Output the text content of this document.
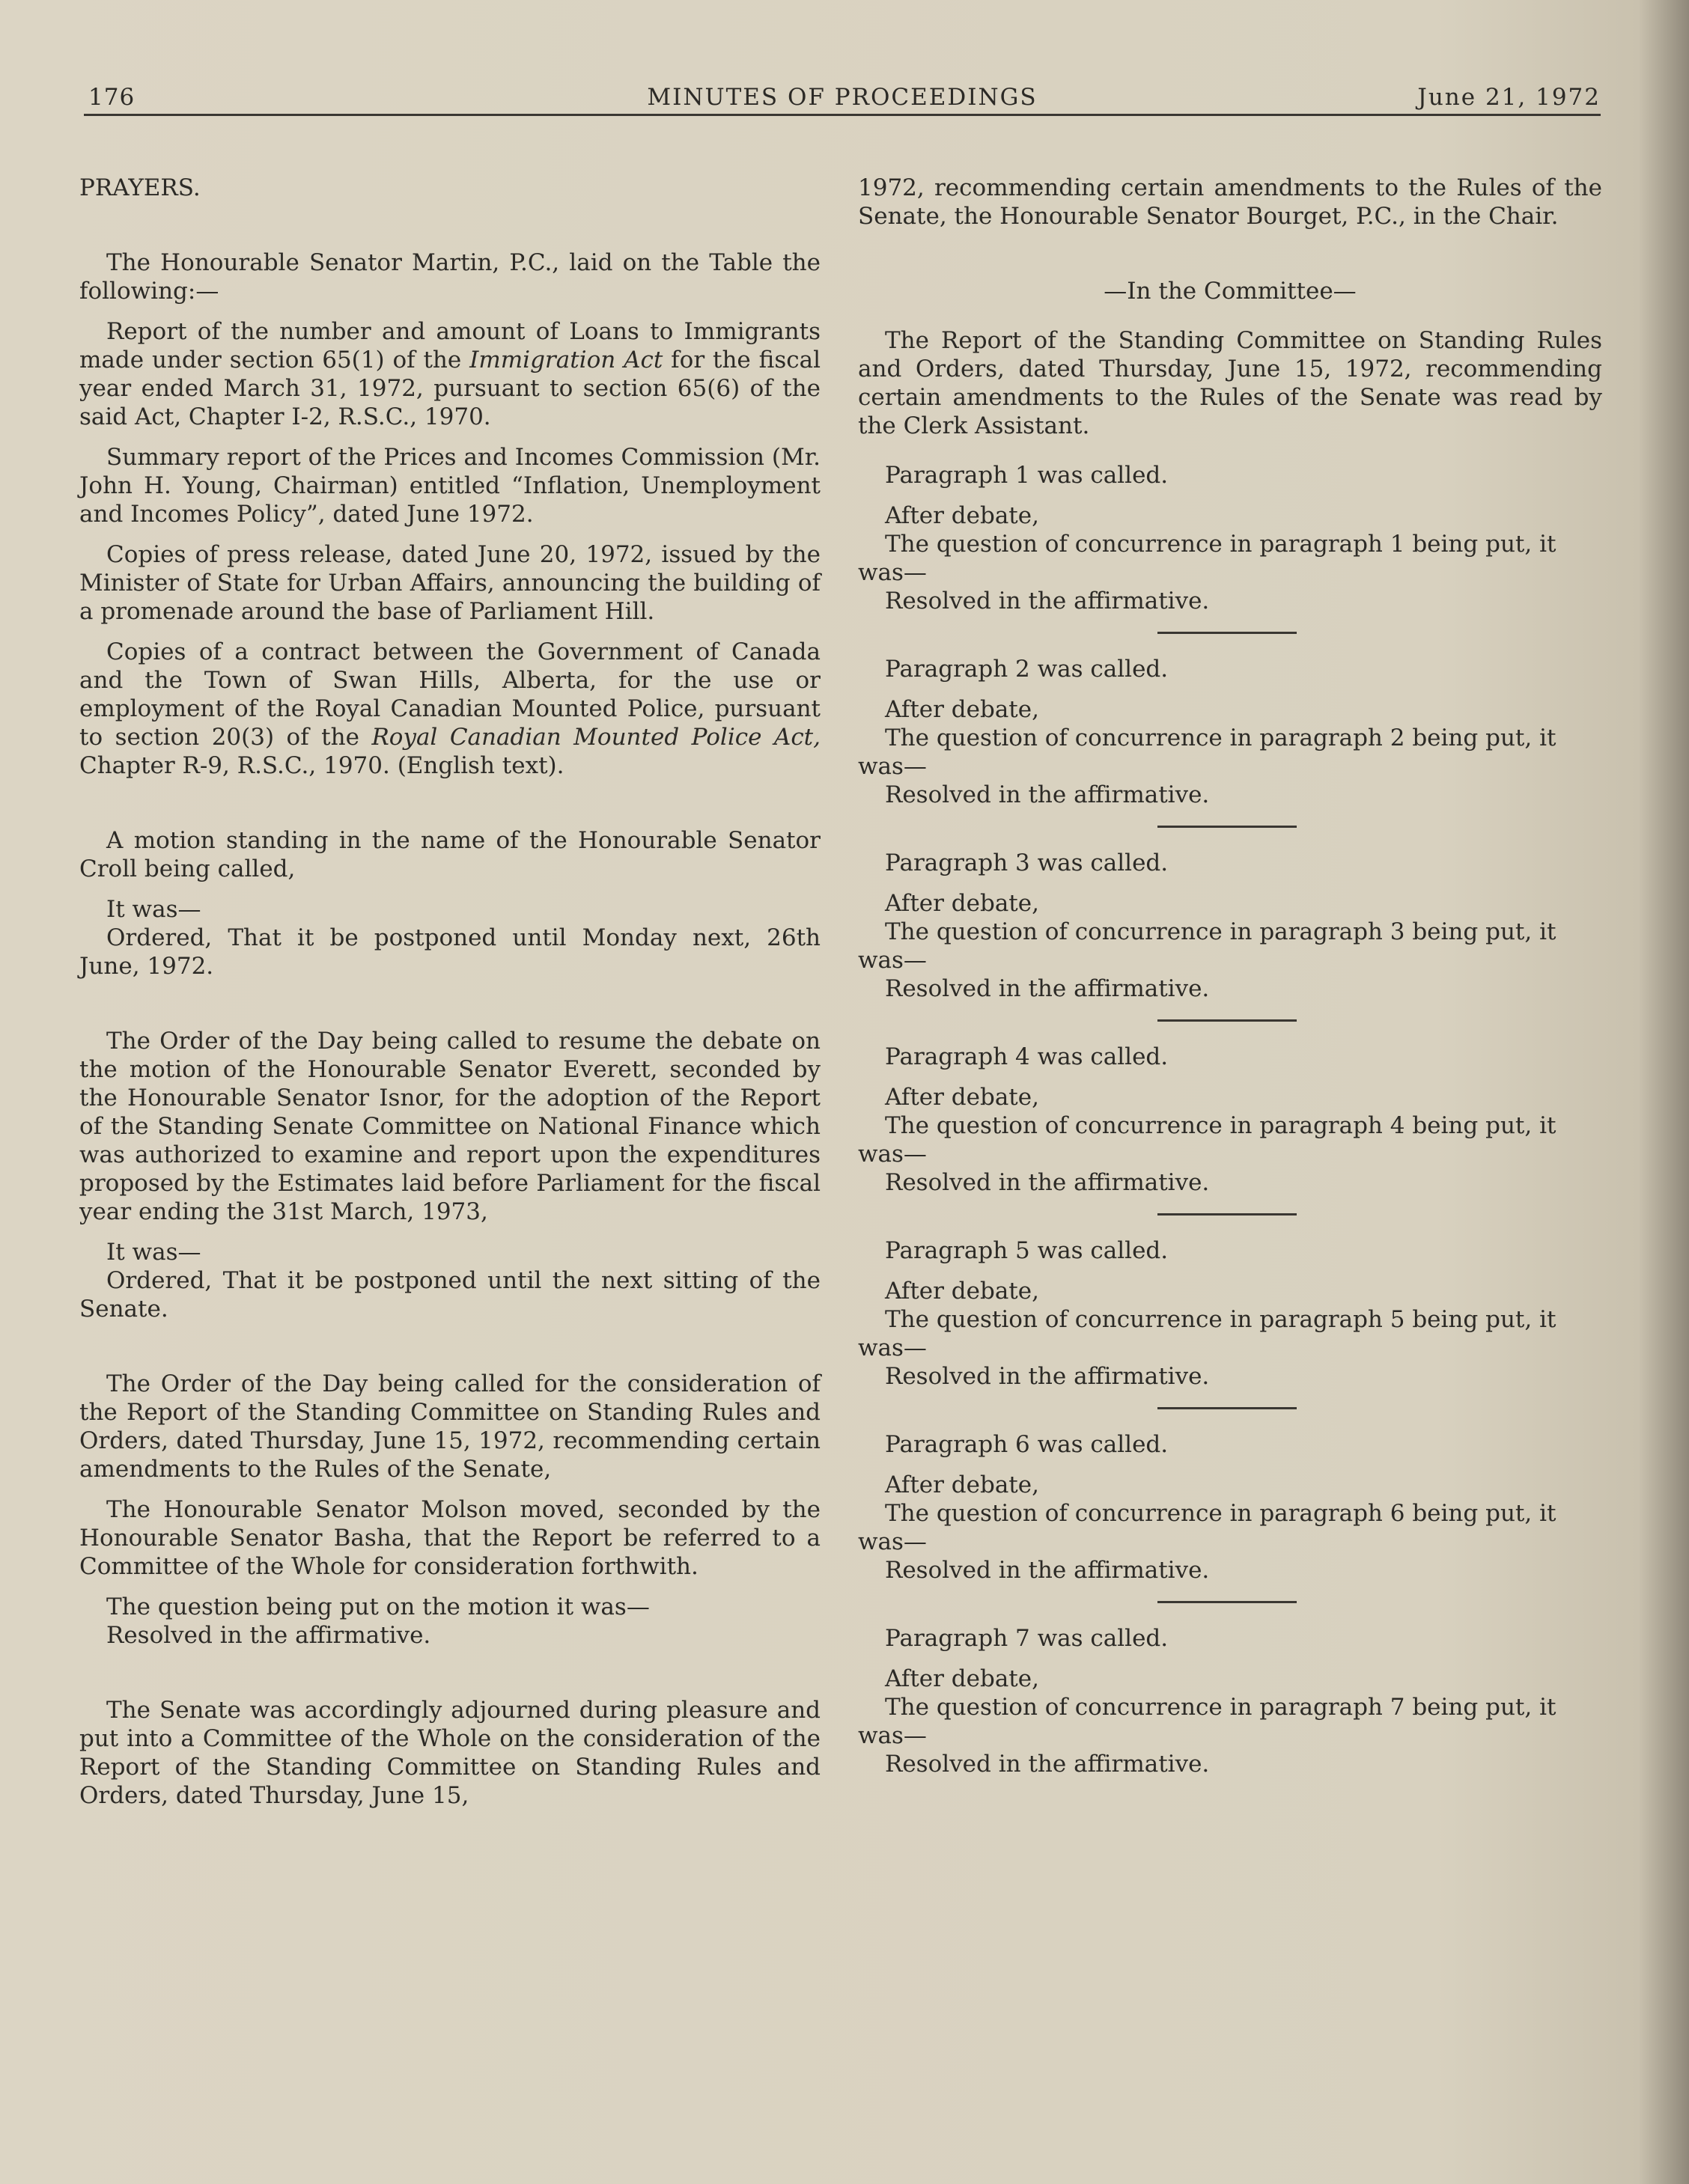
176	MINUTES OF PROCEEDINGS	June 21, 1972

PRAYERS.

The Honourable Senator Martin, P.C., laid on the Table the following:—

Report of the number and amount of Loans to Immigrants made under section 65(1) of the Immigration Act for the fiscal year ended March 31, 1972, pursuant to section 65(6) of the said Act, Chapter I-2, R.S.C., 1970.

Summary report of the Prices and Incomes Commission (Mr. John H. Young, Chairman) entitled “Inflation, Unemployment and Incomes Policy”, dated June 1972.

Copies of press release, dated June 20, 1972, issued by the Minister of State for Urban Affairs, announcing the building of a promenade around the base of Parliament Hill.

Copies of a contract between the Government of Canada and the Town of Swan Hills, Alberta, for the use or employment of the Royal Canadian Mounted Police, pursuant to section 20(3) of the Royal Canadian Mounted Police Act, Chapter R-9, R.S.C., 1970. (English text).

A motion standing in the name of the Honourable Senator Croll being called,

It was—

Ordered, That it be postponed until Monday next, 26th June, 1972.

The Order of the Day being called to resume the debate on the motion of the Honourable Senator Everett, seconded by the Honourable Senator Isnor, for the adoption of the Report of the Standing Senate Committee on National Finance which was authorized to examine and report upon the expenditures proposed by the Estimates laid before Parliament for the fiscal year ending the 31st March, 1973,

It was—

Ordered, That it be postponed until the next sitting of the Senate.

The Order of the Day being called for the consideration of the Report of the Standing Committee on Standing Rules and Orders, dated Thursday, June 15, 1972, recommending certain amendments to the Rules of the Senate,

The Honourable Senator Molson moved, seconded by the Honourable Senator Basha, that the Report be referred to a Committee of the Whole for consideration forthwith.

The question being put on the motion it was—

Resolved in the affirmative.

The Senate was accordingly adjourned during pleasure and put into a Committee of the Whole on the consideration of the Report of the Standing Committee on Standing Rules and Orders, dated Thursday, June 15,

1972, recommending certain amendments to the Rules of the Senate, the Honourable Senator Bourget, P.C., in the Chair.

—In the Committee—

The Report of the Standing Committee on Standing Rules and Orders, dated Thursday, June 15, 1972, recommending certain amendments to the Rules of the Senate was read by the Clerk Assistant.

Paragraph 1 was called.

After debate,

The question of concurrence in paragraph 1 being put, it was—

Resolved in the affirmative.

Paragraph 2 was called.

After debate,

The question of concurrence in paragraph 2 being put, it was—

Resolved in the affirmative.

Paragraph 3 was called.

After debate,

The question of concurrence in paragraph 3 being put, it was—

Resolved in the affirmative.

Paragraph 4 was called.

After debate,

The question of concurrence in paragraph 4 being put, it was—

Resolved in the affirmative.

Paragraph 5 was called.

After debate,

The question of concurrence in paragraph 5 being put, it was—

Resolved in the affirmative.

Paragraph 6 was called.

After debate,

The question of concurrence in paragraph 6 being put, it was—

Resolved in the affirmative.

Paragraph 7 was called.

After debate,

The question of concurrence in paragraph 7 being put, it was—

Resolved in the affirmative.
